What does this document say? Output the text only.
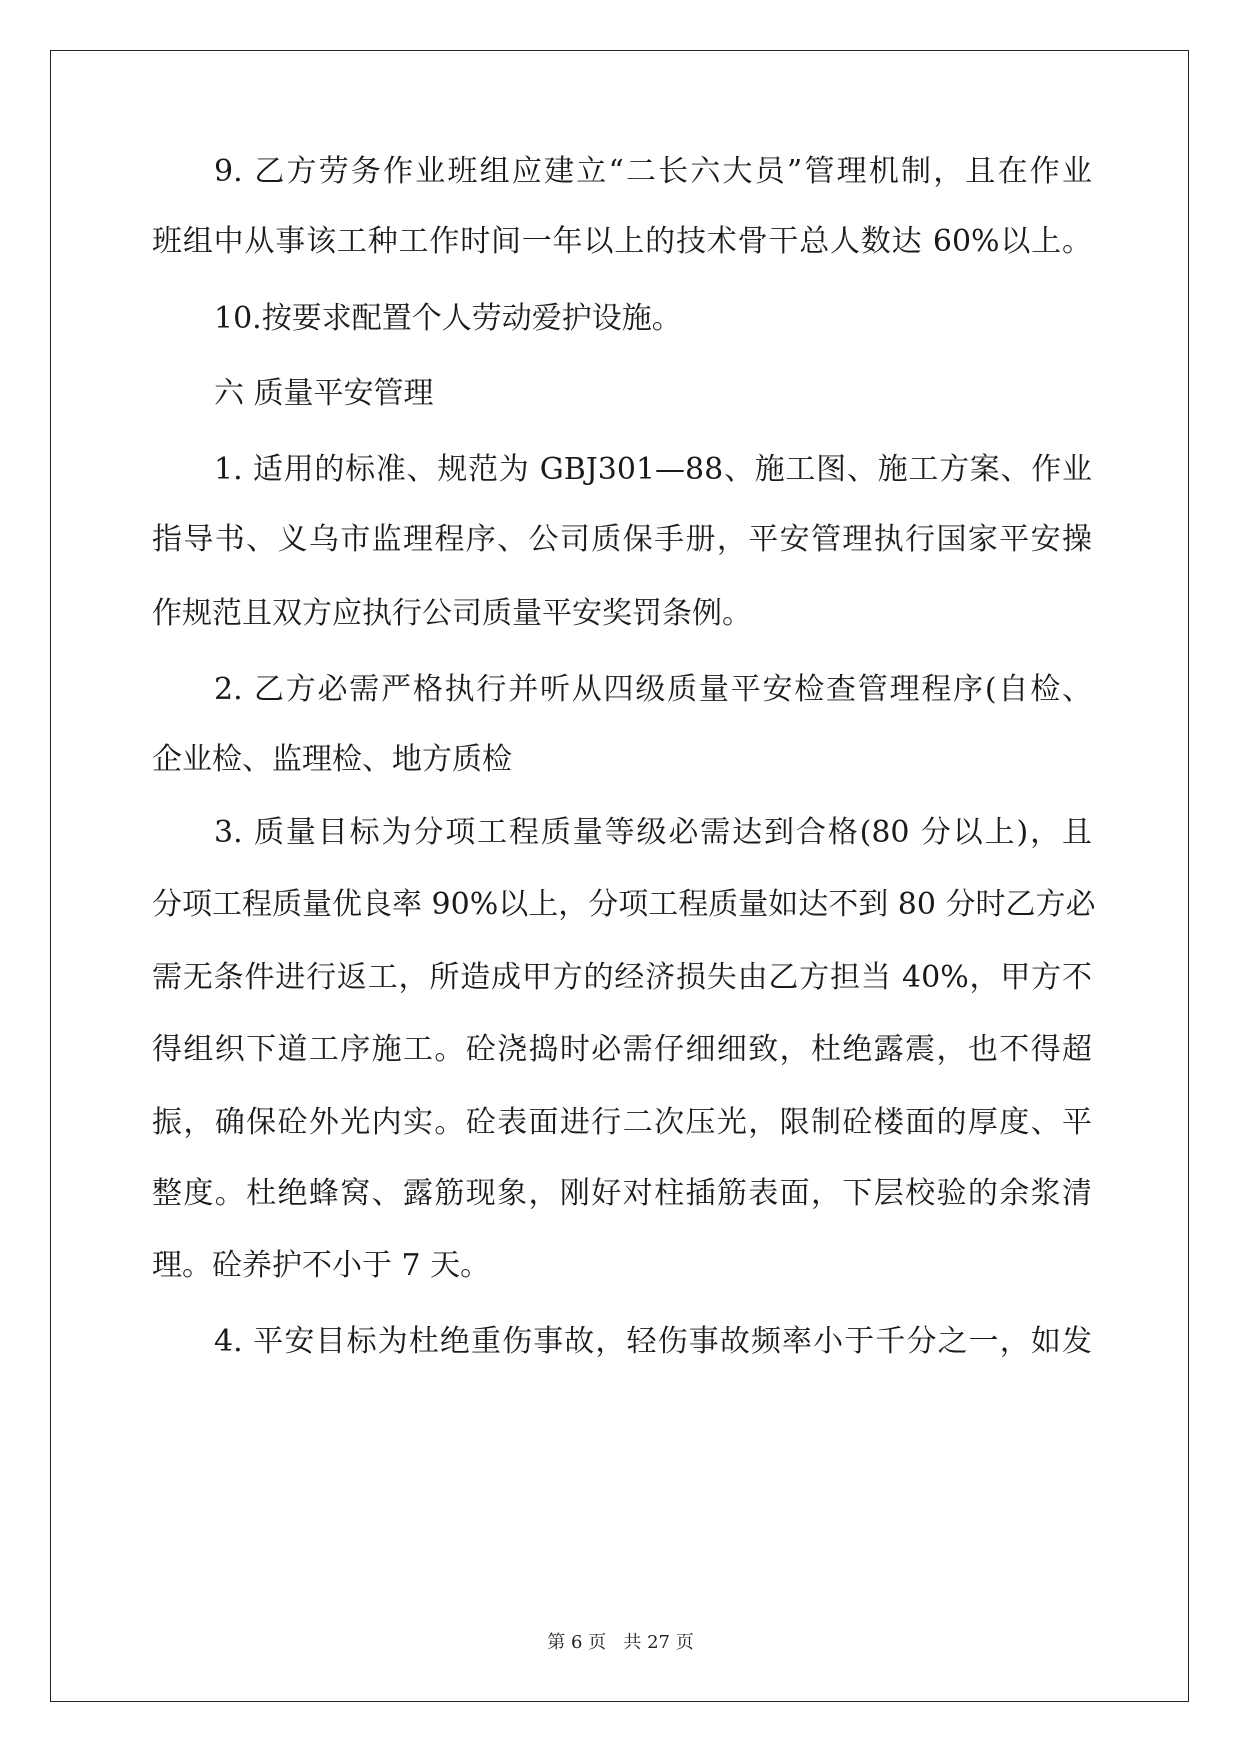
9. 乙方劳务作业班组应建立“二长六大员”管理机制，且在作业
班组中从事该工种工作时间一年以上的技术骨干总人数达 60%以上。
10.按要求配置个人劳动爱护设施。
六 质量平安管理
1. 适用的标准、规范为 GBJ301—88、施工图、施工方案、作业
指导书、义乌市监理程序、公司质保手册，平安管理执行国家平安操
作规范且双方应执行公司质量平安奖罚条例。
2. 乙方必需严格执行并听从四级质量平安检查管理程序(自检、
企业检、监理检、地方质检
3. 质量目标为分项工程质量等级必需达到合格(80 分以上)，且
分项工程质量优良率 90%以上，分项工程质量如达不到 80 分时乙方必
需无条件进行返工，所造成甲方的经济损失由乙方担当 40%，甲方不
得组织下道工序施工。砼浇捣时必需仔细细致，杜绝露震，也不得超
振，确保砼外光内实。砼表面进行二次压光，限制砼楼面的厚度、平
整度。杜绝蜂窝、露筋现象，刚好对柱插筋表面，下层校验的余浆清
理。砼养护不小于 7 天。
4. 平安目标为杜绝重伤事故，轻伤事故频率小于千分之一，如发
第 6 页   共 27 页
